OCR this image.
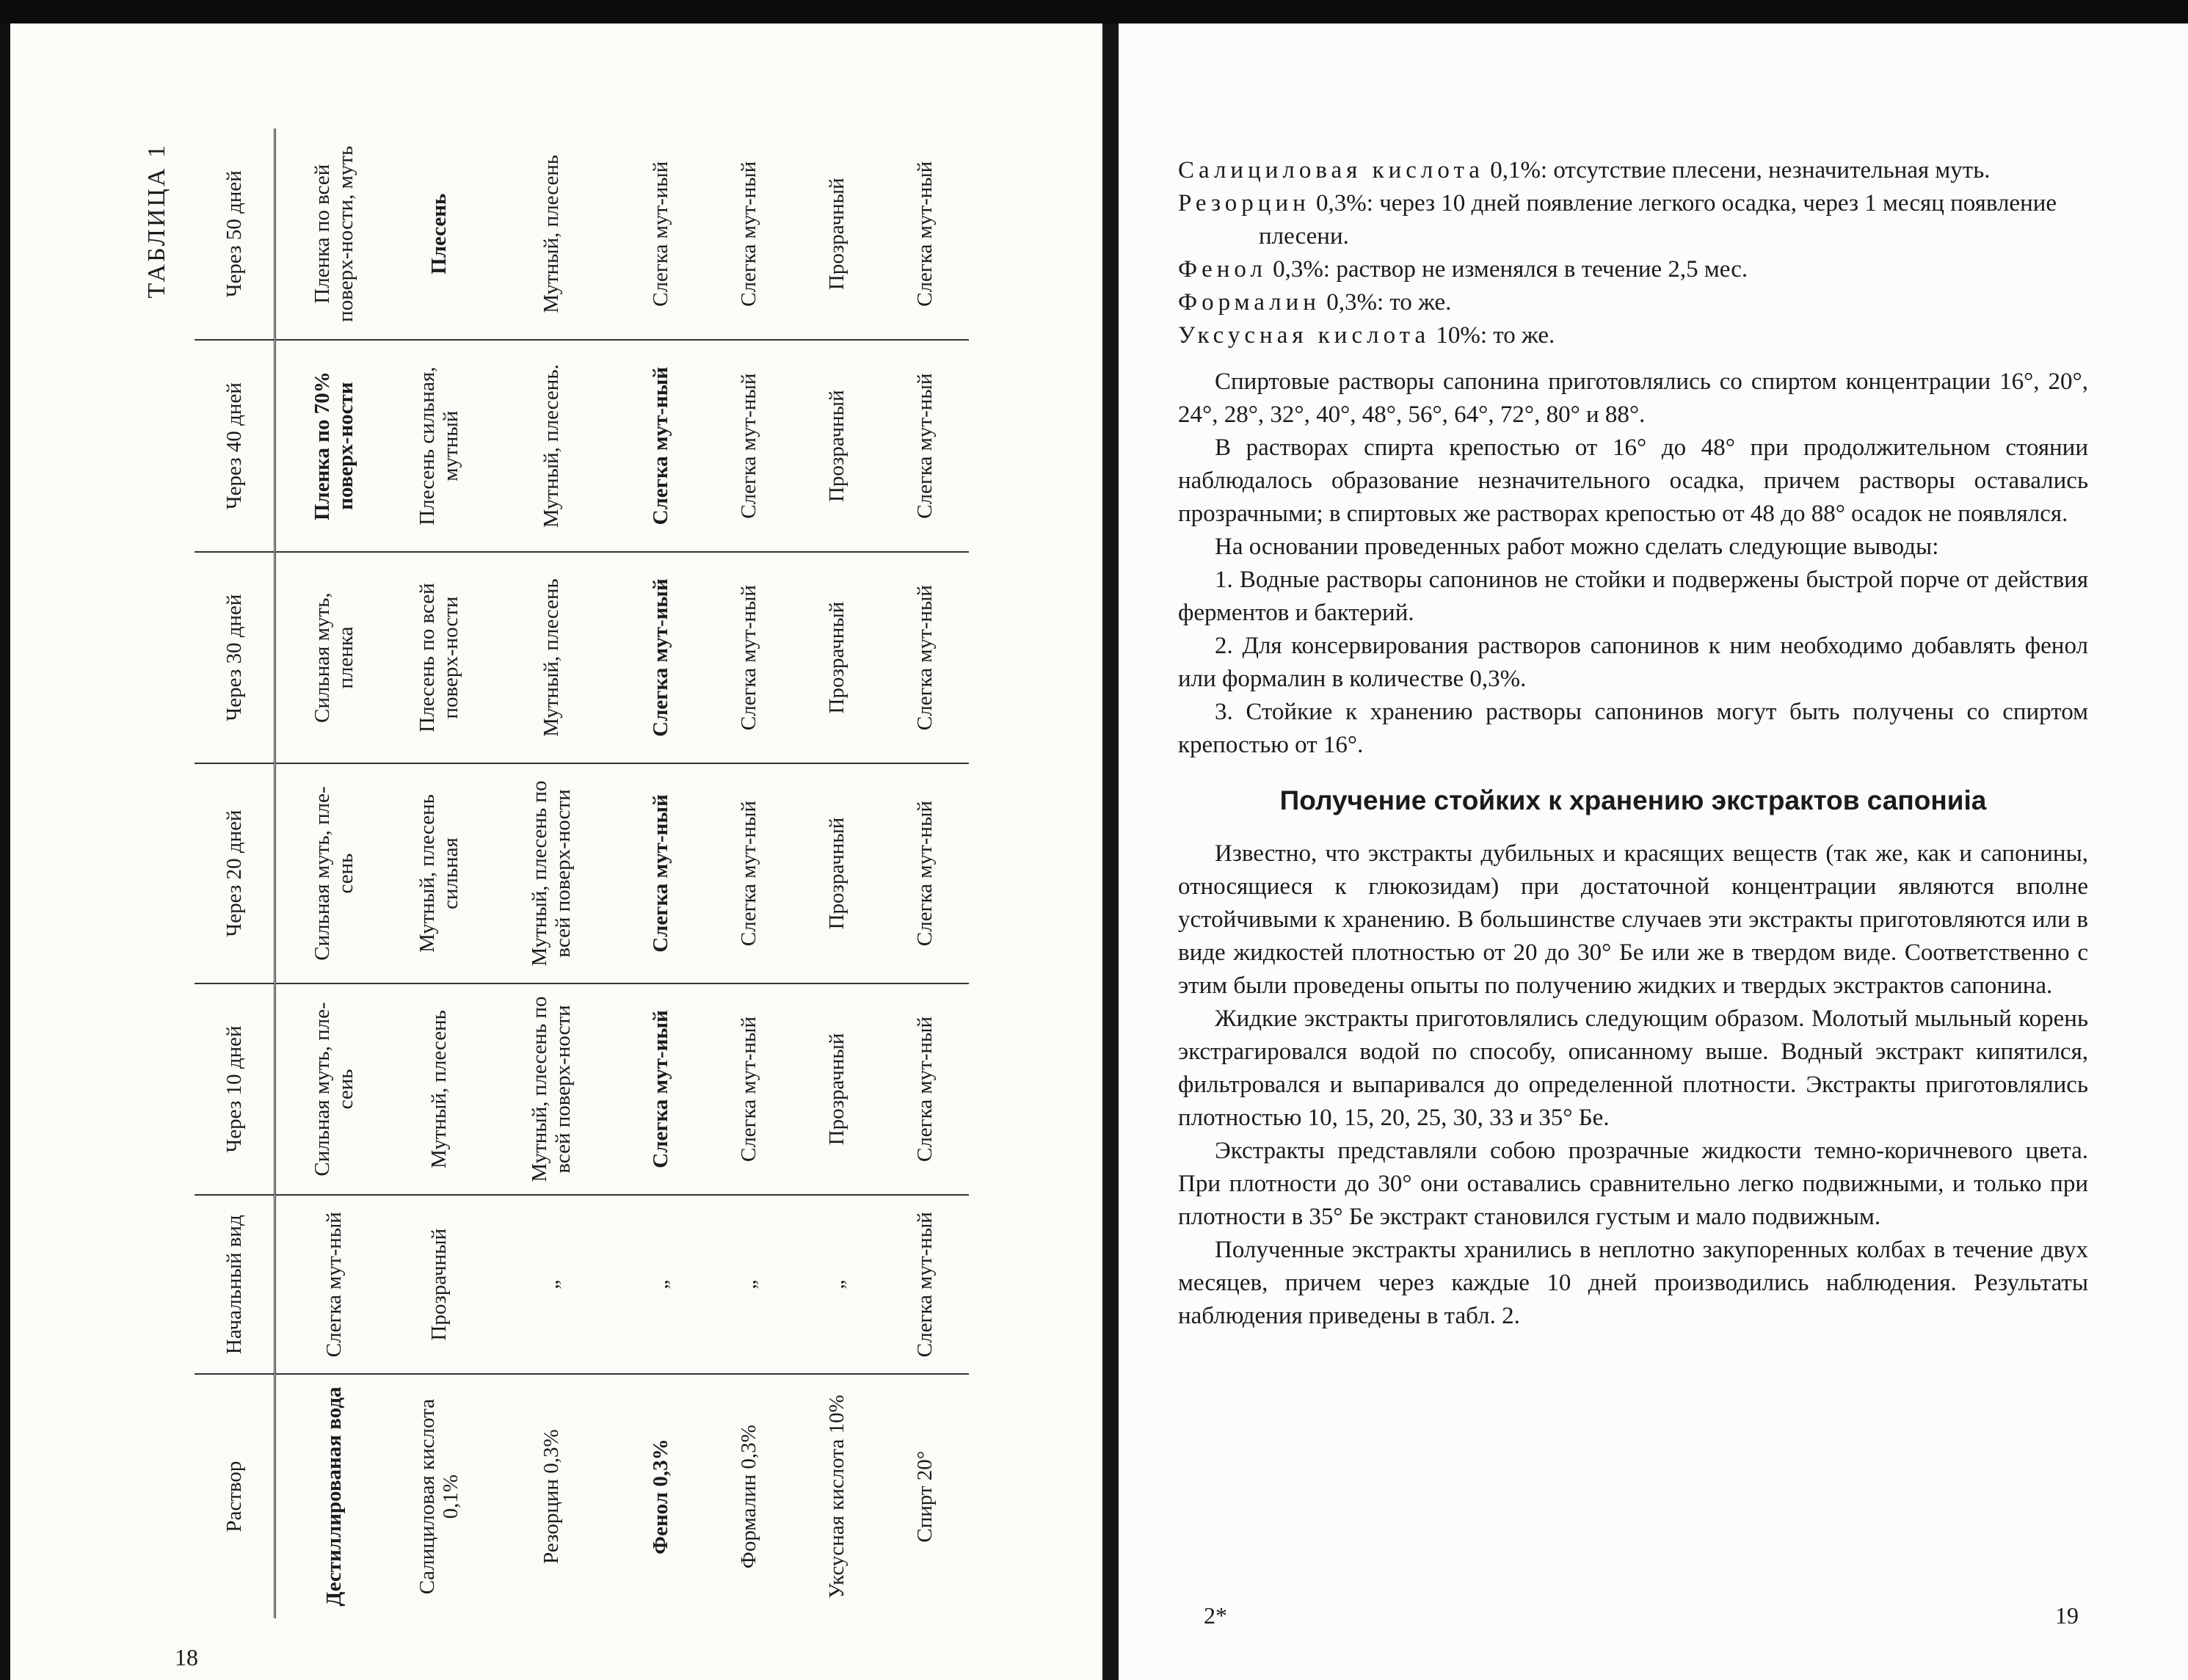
ТАБЛИЦА 1
Раствор	Начальный вид	Через 10 дней	Через 20 дней	Через 30 дней	Через 40 дней	Через 50 дней
Дестиллированая вода	Слегка мут-ный	Сильная муть, пле-сеиь	Сильная муть, пле-сень	Сильная муть, пленка	Пленка по 70% поверх-ности	Пленка по всей поверх-ности, муть
Салициловая кислота 0,1%	Прозрачный	Мутный, плесень	Мутный, плесень сильная	Плесень по всей поверх-ности	Плесень сильная, мутный	Плесень
Резорцин 0,3%	„	Мутный, плесень по всей поверх-ности	Мутный, плесень по всей поверх-ности	Мутный, плесень	Мутный, плесень.	Мутный, плесень
Фенол 0,3%	„	Слегка мут-иый	Слегка мут-ный	Слегка мут-иый	Слегка мут-ный	Слегка мут-иый
Формалин 0,3%	„	Слегка мут-ный	Слегка мут-ный	Слегка мут-ный	Слегка мут-ный	Слегка мут-ный
Уксусная кислота 10%	„	Прозрачный	Прозрачный	Прозрачный	Прозрачный	Прозрачный
Спирт 20°	Слегка мут-ный	Слегка мут-ный	Слегка мут-ный	Слегка мут-ный	Слегка мут-ный	Слегка мут-ный
18

Салициловая кислота 0,1%: отсутствие плесени, незначительная муть.

Резорцин 0,3%: через 10 дней появление легкого осадка, через 1 месяц появление плесени.

Фенол 0,3%: раствор не изменялся в течение 2,5 мес.

Формалин 0,3%: то же.

Уксусная кислота 10%: то же.

Спиртовые растворы сапонина приготовлялись со спиртом концентрации 16°, 20°, 24°, 28°, 32°, 40°, 48°, 56°, 64°, 72°, 80° и 88°.

В растворах спирта крепостью от 16° до 48° при продолжительном стоянии наблюдалось образование незначительного осадка, причем растворы оставались прозрачными; в спиртовых же растворах крепостью от 48 до 88° осадок не появлялся.

На основании проведенных работ можно сделать следующие выводы:

1. Водные растворы сапонинов не стойки и подвержены быстрой порче от действия ферментов и бактерий.

2. Для консервирования растворов сапонинов к ним необходимо добавлять фенол или формалин в количестве 0,3%.

3. Стойкие к хранению растворы сапонинов могут быть получены со спиртом крепостью от 16°.

Получение стойких к хранению экстрактов сапониiа

Известно, что экстракты дубильных и красящих веществ (так же, как и сапонины, относящиеся к глюкозидам) при достаточной концентрации являются вполне устойчивыми к хранению. В большинстве случаев эти экстракты приготовляются или в виде жидкостей плотностью от 20 до 30° Бе или же в твердом виде. Соответственно с этим были проведены опыты по получению жидких и твердых экстрактов сапонина.

Жидкие экстракты приготовлялись следующим образом. Молотый мыльный корень экстрагировался водой по способу, описанному выше. Водный экстракт кипятился, фильтровался и выпаривался до определенной плотности. Экстракты приготовлялись плотностью 10, 15, 20, 25, 30, 33 и 35° Бе.

Экстракты представляли собою прозрачные жидкости темно-коричневого цвета. При плотности до 30° они оставались сравнительно легко подвижными, и только при плотности в 35° Бе экстракт становился густым и мало подвижным.

Полученные экстракты хранились в неплотно закупоренных колбах в течение двух месяцев, причем через каждые 10 дней производились наблюдения. Результаты наблюдения приведены в табл. 2.

2*	19
